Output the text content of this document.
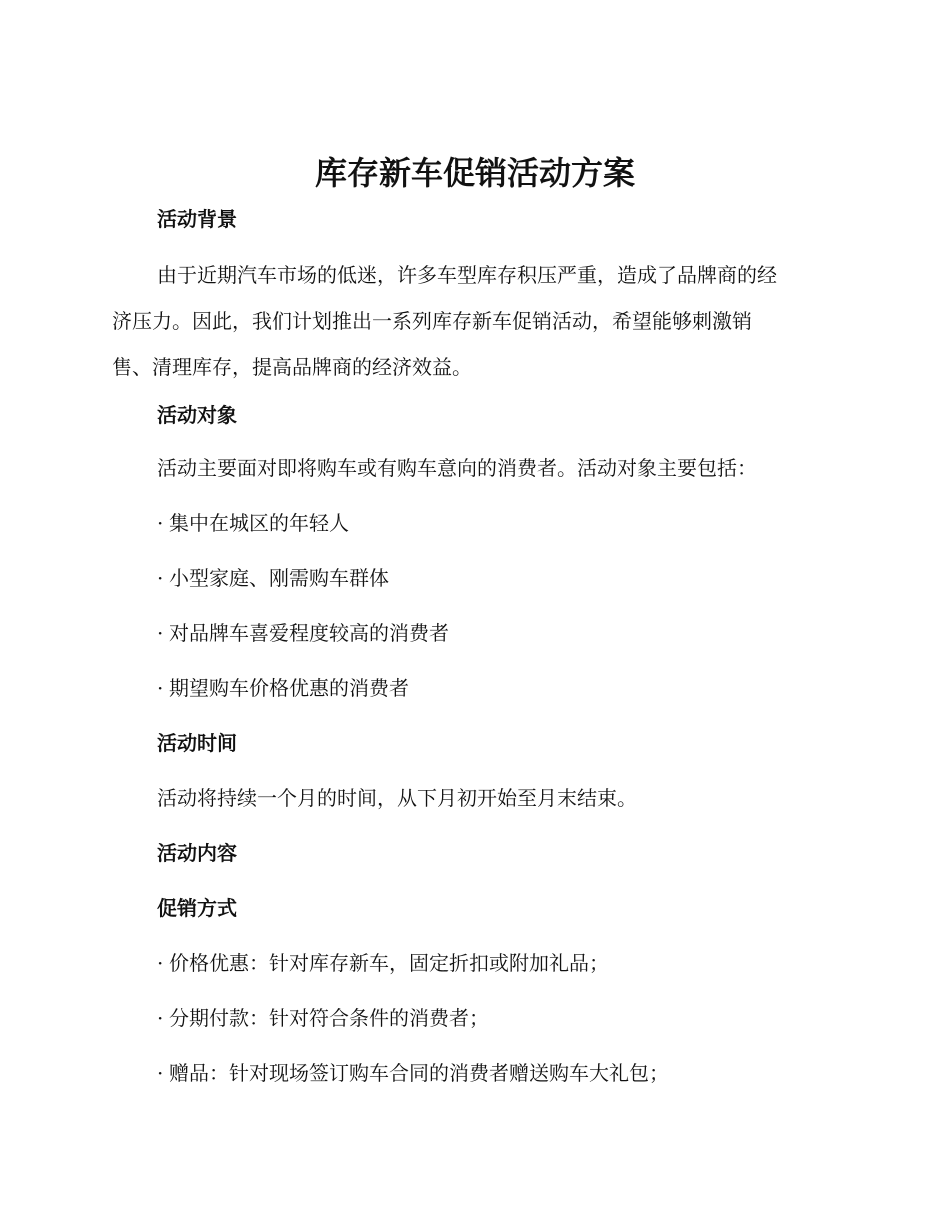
库存新车促销活动方案
活动背景
由于近期汽车市场的低迷，许多车型库存积压严重，造成了品牌商的经
济压力。因此，我们计划推出一系列库存新车促销活动，希望能够刺激销
售、清理库存，提高品牌商的经济效益。
活动对象

活动主要面对即将购车或有购车意向的消费者。活动对象主要包括：

· 集中在城区的年轻人

· 小型家庭、刚需购车群体

· 对品牌车喜爱程度较高的消费者

· 期望购车价格优惠的消费者

活动时间

活动将持续一个月的时间，从下月初开始至月末结束。

活动内容
促销方式

· 价格优惠：针对库存新车，固定折扣或附加礼品；

· 分期付款：针对符合条件的消费者；

· 赠品：针对现场签订购车合同的消费者赠送购车大礼包；
